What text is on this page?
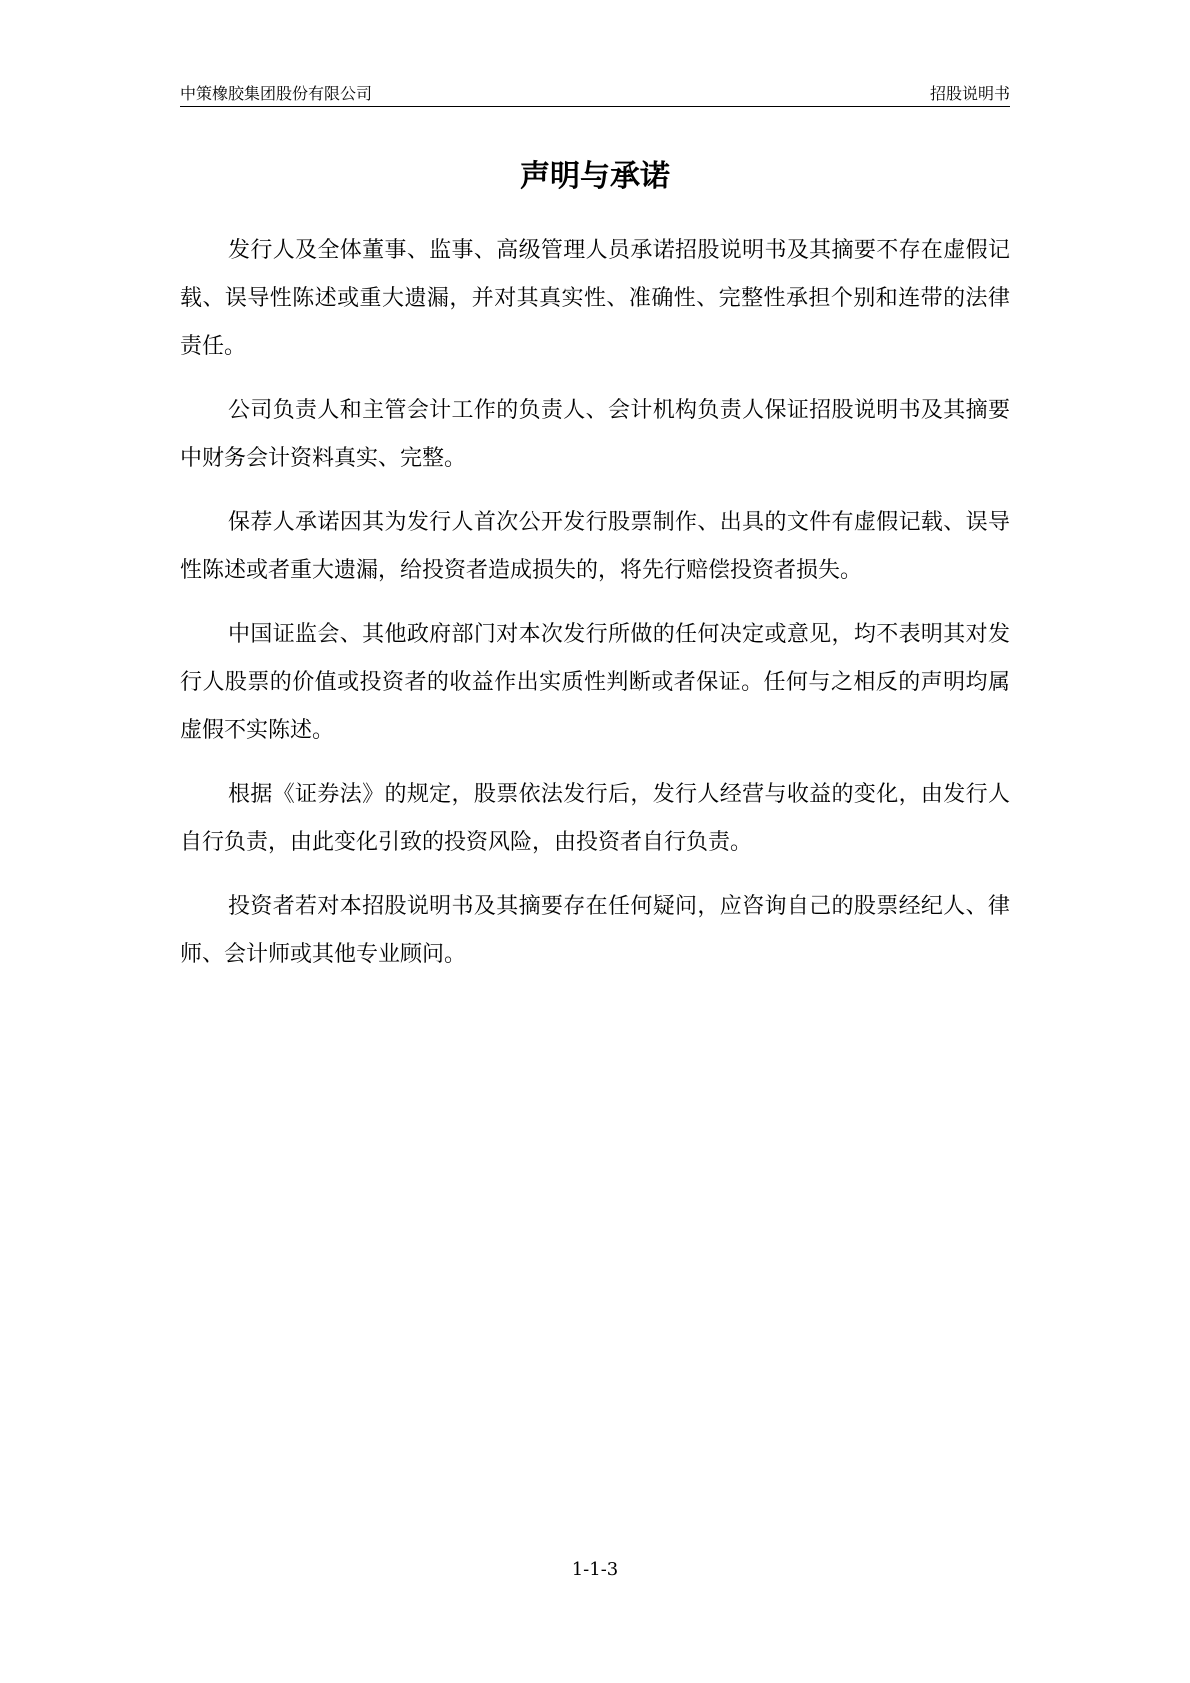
中策橡胶集团股份有限公司	招股说明书
声明与承诺

发行人及全体董事、监事、高级管理人员承诺招股说明书及其摘要不存在虚假记载、误导性陈述或重大遗漏，并对其真实性、准确性、完整性承担个别和连带的法律责任。

公司负责人和主管会计工作的负责人、会计机构负责人保证招股说明书及其摘要中财务会计资料真实、完整。

保荐人承诺因其为发行人首次公开发行股票制作、出具的文件有虚假记载、误导性陈述或者重大遗漏，给投资者造成损失的，将先行赔偿投资者损失。

中国证监会、其他政府部门对本次发行所做的任何决定或意见，均不表明其对发行人股票的价值或投资者的收益作出实质性判断或者保证。任何与之相反的声明均属虚假不实陈述。

根据《证券法》的规定，股票依法发行后，发行人经营与收益的变化，由发行人自行负责，由此变化引致的投资风险，由投资者自行负责。

投资者若对本招股说明书及其摘要存在任何疑问，应咨询自己的股票经纪人、律师、会计师或其他专业顾问。

1-1-3
